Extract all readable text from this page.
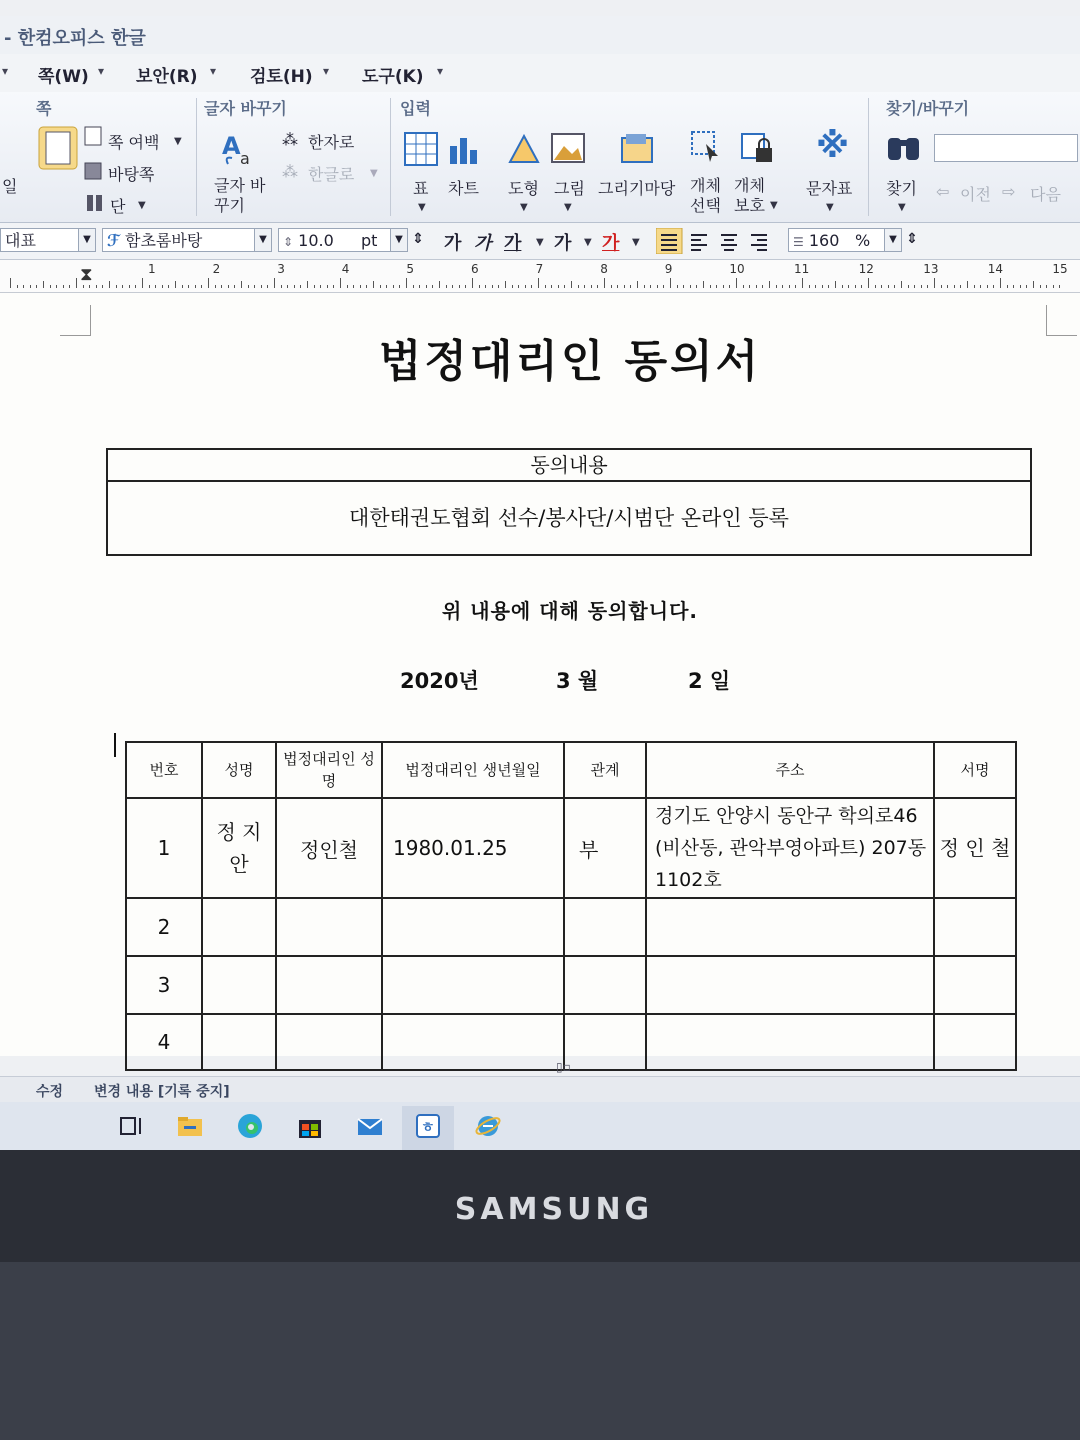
- 한컴오피스 한글
▾ 쪽(W) ▾ 보안(R) ▾ 검토(H) ▾ 도구(K) ▾
쪽
일
쪽 여백 ▼
바탕쪽
단 ▼
글자 바꾸기
A a
글자 바꾸기
⁂ 한자로
⁂ 한글로 ▼
입력
표
▼
차트 도형
▼
그림
▼
그리기마당 개체 선택
개체 보호 ▼
※
문자표
▼
찾기/바꾸기
찾기
▼
⇦ 이전 ⇨ 다음
대표	▼	ℱ 함초롬바탕	▼	⇕ 10.0 pt	▼ ⇕ 가 가 가 ▼ 가 ▼ 가 ▼	☰ 160 %	▼ ⇕
1	2	3	4	5	6	7	8	9	10	11	12	13	14	15
⧗
법정대리인 동의서
동의내용
대한태권도협회 선수/봉사단/시범단 온라인 등록
위 내용에 대해 동의합니다.
2020년	3 월	2 일
번호	성명	법정대리인 성명	법정대리인 생년월일	관계	주소	서명
1	정 지 안	정인철	1980.01.25	부	경기도 안양시 동안구 학의로46 (비산동, 관악부영아파트) 207동 1102호	정 인 철
2						
3						
4						
▯▫
수정 변경 내용 [기록 중지]
ㅎ
SAMSUNG
